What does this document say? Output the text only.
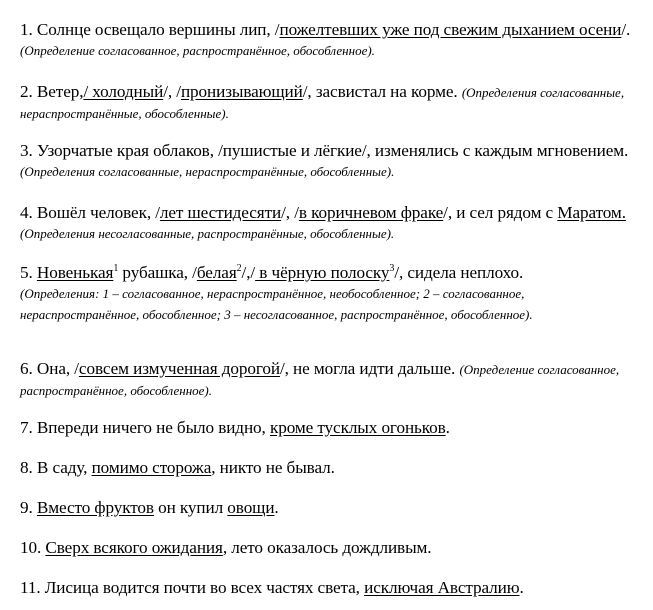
1. Солнце освещало вершины лип, /пожелтевших уже под свежим дыханием осени/. (Определение согласованное, распространённое, обособленное).

2. Ветер,/ холодный/, /пронизывающий/, засвистал на корме. (Определения согласованные, нераспространённые, обособленные).

3. Узорчатые края облаков, /пушистые и лёгкие/, изменялись с каждым мгновением. (Определения согласованные, нераспространённые, обособленные).

4. Вошёл человек, /лет шестидесяти/, /в коричневом фраке/, и сел рядом с Маратом. (Определения несогласованные, распространённые, обособленные).

5. Новенькая$^1$ рубашка, /белая$^2$/,/ в чёрную полоску$^3$/, сидела неплохо.
(Определения: 1 – согласованное, нераспространённое, необособленное; 2 – согласованное, нераспространённое, обособленное; 3 – несогласованное, распространённое, обособленное).

6. Она, /совсем измученная дорогой/, не могла идти дальше. (Определение согласованное, распространённое, обособленное).

7. Впереди ничего не было видно, кроме тусклых огоньков.

8. В саду, помимо сторожа, никто не бывал.

9. Вместо фруктов он купил овощи.

10. Сверх всякого ожидания, лето оказалось дождливым.

11. Лисица водится почти во всех частях света, исключая Австралию.
